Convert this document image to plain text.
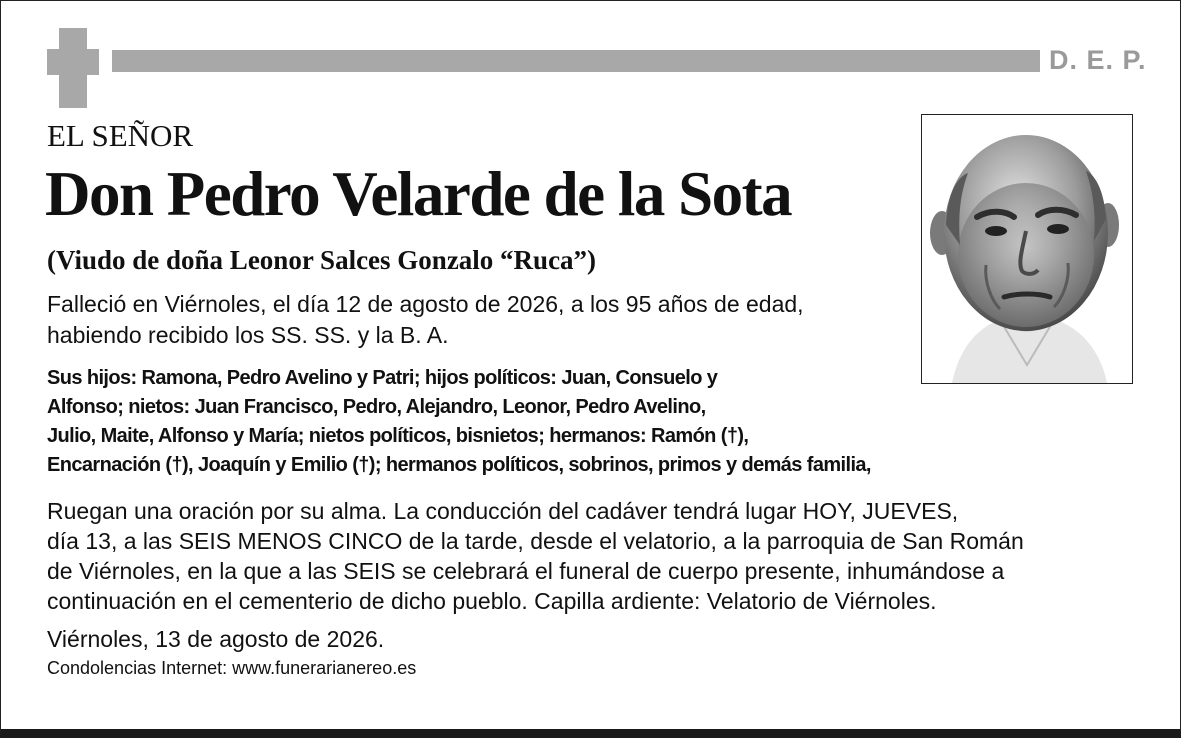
D. E. P.
EL SEÑOR
Don Pedro Velarde de la Sota
(Viudo de doña Leonor Salces Gonzalo “Ruca”)
Falleció en Viérnoles, el día 12 de agosto de 2026, a los 95 años de edad,
habiendo recibido los SS. SS. y la B. A.
Sus hijos: Ramona, Pedro Avelino y Patri; hijos políticos: Juan, Consuelo y
Alfonso; nietos: Juan Francisco, Pedro, Alejandro, Leonor, Pedro Avelino,
Julio, Maite, Alfonso y María; nietos políticos, bisnietos; hermanos: Ramón (†),
Encarnación (†), Joaquín y Emilio (†); hermanos políticos, sobrinos, primos y demás familia,
Ruegan una oración por su alma. La conducción del cadáver tendrá lugar HOY, JUEVES,
día 13, a las SEIS MENOS CINCO de la tarde, desde el velatorio, a la parroquia de San Román
de Viérnoles, en la que a las SEIS se celebrará el funeral de cuerpo presente, inhumándose a
continuación en el cementerio de dicho pueblo. Capilla ardiente: Velatorio de Viérnoles.
Viérnoles, 13 de agosto de 2026.
Condolencias Internet: www.funerarianereo.es
